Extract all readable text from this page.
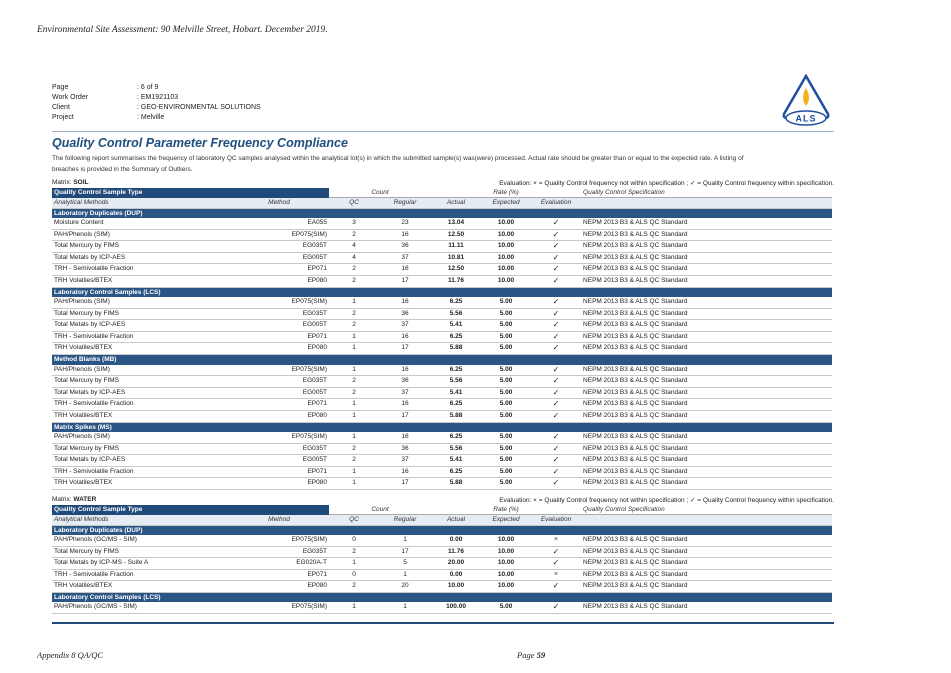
Environmental Site Assessment: 90 Melville Street, Hobart. December 2019.
Page	: 6 of 9
Work Order	: EM1921103
Client	: GEO-ENVIRONMENTAL SOLUTIONS
Project	: Melville	ALS
Quality Control Parameter Frequency Compliance
The following report summarises the frequency of laboratory QC samples analysed within the analytical lot(s) in which the submitted sample(s) was(were) processed. Actual rate should be greater than or equal to the expected rate. A listing of breaches is provided in the Summary of Outliers.
Matrix: SOIL	Evaluation: × = Quality Control frequency not within specification ; ✓ = Quality Control frequency within specification.
Quality Control Sample Type		Count		Rate (%)			Quality Control Specification
Analytical Methods	Method	QC	Regular	Actual	Expected	Evaluation	
Laboratory Duplicates (DUP)							
Moisture Content	EA055	3	23	13.04	10.00	✓	NEPM 2013 B3 & ALS QC Standard
PAH/Phenols (SIM)	EP075(SIM)	2	16	12.50	10.00	✓	NEPM 2013 B3 & ALS QC Standard
Total Mercury by FIMS	EG035T	4	36	11.11	10.00	✓	NEPM 2013 B3 & ALS QC Standard
Total Metals by ICP-AES	EG005T	4	37	10.81	10.00	✓	NEPM 2013 B3 & ALS QC Standard
TRH - Semivolatile Fraction	EP071	2	16	12.50	10.00	✓	NEPM 2013 B3 & ALS QC Standard
TRH Volatiles/BTEX	EP080	2	17	11.76	10.00	✓	NEPM 2013 B3 & ALS QC Standard
Laboratory Control Samples (LCS)							
PAH/Phenols (SIM)	EP075(SIM)	1	16	6.25	5.00	✓	NEPM 2013 B3 & ALS QC Standard
Total Mercury by FIMS	EG035T	2	36	5.56	5.00	✓	NEPM 2013 B3 & ALS QC Standard
Total Metals by ICP-AES	EG005T	2	37	5.41	5.00	✓	NEPM 2013 B3 & ALS QC Standard
TRH - Semivolatile Fraction	EP071	1	16	6.25	5.00	✓	NEPM 2013 B3 & ALS QC Standard
TRH Volatiles/BTEX	EP080	1	17	5.88	5.00	✓	NEPM 2013 B3 & ALS QC Standard
Method Blanks (MB)							
PAH/Phenols (SIM)	EP075(SIM)	1	16	6.25	5.00	✓	NEPM 2013 B3 & ALS QC Standard
Total Mercury by FIMS	EG035T	2	36	5.56	5.00	✓	NEPM 2013 B3 & ALS QC Standard
Total Metals by ICP-AES	EG005T	2	37	5.41	5.00	✓	NEPM 2013 B3 & ALS QC Standard
TRH - Semivolatile Fraction	EP071	1	16	6.25	5.00	✓	NEPM 2013 B3 & ALS QC Standard
TRH Volatiles/BTEX	EP080	1	17	5.88	5.00	✓	NEPM 2013 B3 & ALS QC Standard
Matrix Spikes (MS)							
PAH/Phenols (SIM)	EP075(SIM)	1	16	6.25	5.00	✓	NEPM 2013 B3 & ALS QC Standard
Total Mercury by FIMS	EG035T	2	36	5.56	5.00	✓	NEPM 2013 B3 & ALS QC Standard
Total Metals by ICP-AES	EG005T	2	37	5.41	5.00	✓	NEPM 2013 B3 & ALS QC Standard
TRH - Semivolatile Fraction	EP071	1	16	6.25	5.00	✓	NEPM 2013 B3 & ALS QC Standard
TRH Volatiles/BTEX	EP080	1	17	5.88	5.00	✓	NEPM 2013 B3 & ALS QC Standard
Matrix: WATER	Evaluation: × = Quality Control frequency not within specification ; ✓ = Quality Control frequency within specification.
Quality Control Sample Type		Count		Rate (%)			Quality Control Specification
Analytical Methods	Method	QC	Regular	Actual	Expected	Evaluation	
Laboratory Duplicates (DUP)							
PAH/Phenols (GC/MS - SIM)	EP075(SIM)	0	1	0.00	10.00	×	NEPM 2013 B3 & ALS QC Standard
Total Mercury by FIMS	EG035T	2	17	11.76	10.00	✓	NEPM 2013 B3 & ALS QC Standard
Total Metals by ICP-MS - Suite A	EG020A-T	1	5	20.00	10.00	✓	NEPM 2013 B3 & ALS QC Standard
TRH - Semivolatile Fraction	EP071	0	1	0.00	10.00	×	NEPM 2013 B3 & ALS QC Standard
TRH Volatiles/BTEX	EP080	2	20	10.00	10.00	✓	NEPM 2013 B3 & ALS QC Standard
Laboratory Control Samples (LCS)							
PAH/Phenols (GC/MS - SIM)	EP075(SIM)	1	1	100.00	5.00	✓	NEPM 2013 B3 & ALS QC Standard
Appendix 8 QA/QC	Page 59
